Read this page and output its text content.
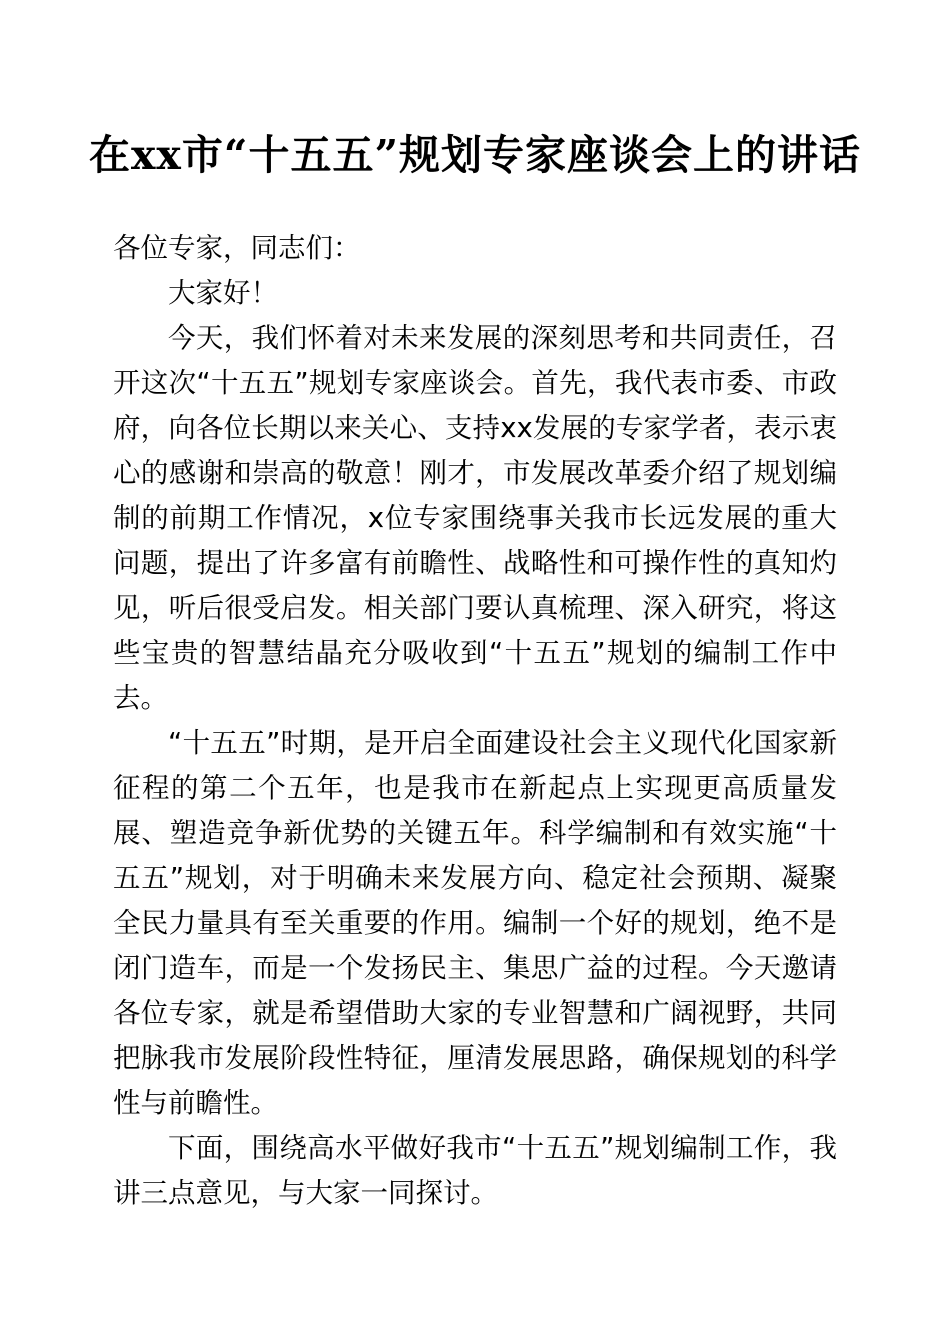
在xx市“十五五”规划专家座谈会上的讲话

各位专家，同志们：

大家好！

今天，我们怀着对未来发展的深刻思考和共同责任，召开这次“十五五”规划专家座谈会。首先，我代表市委、市政府，向各位长期以来关心、支持xx发展的专家学者，表示衷心的感谢和崇高的敬意！刚才，市发展改革委介绍了规划编制的前期工作情况，x位专家围绕事关我市长远发展的重大问题，提出了许多富有前瞻性、战略性和可操作性的真知灼见，听后很受启发。相关部门要认真梳理、深入研究，将这些宝贵的智慧结晶充分吸收到“十五五”规划的编制工作中去。

“十五五”时期，是开启全面建设社会主义现代化国家新征程的第二个五年，也是我市在新起点上实现更高质量发展、塑造竞争新优势的关键五年。科学编制和有效实施“十五五”规划，对于明确未来发展方向、稳定社会预期、凝聚全民力量具有至关重要的作用。编制一个好的规划，绝不是闭门造车，而是一个发扬民主、集思广益的过程。今天邀请各位专家，就是希望借助大家的专业智慧和广阔视野，共同把脉我市发展阶段性特征，厘清发展思路，确保规划的科学性与前瞻性。

下面，围绕高水平做好我市“十五五”规划编制工作，我讲三点意见，与大家一同探讨。
